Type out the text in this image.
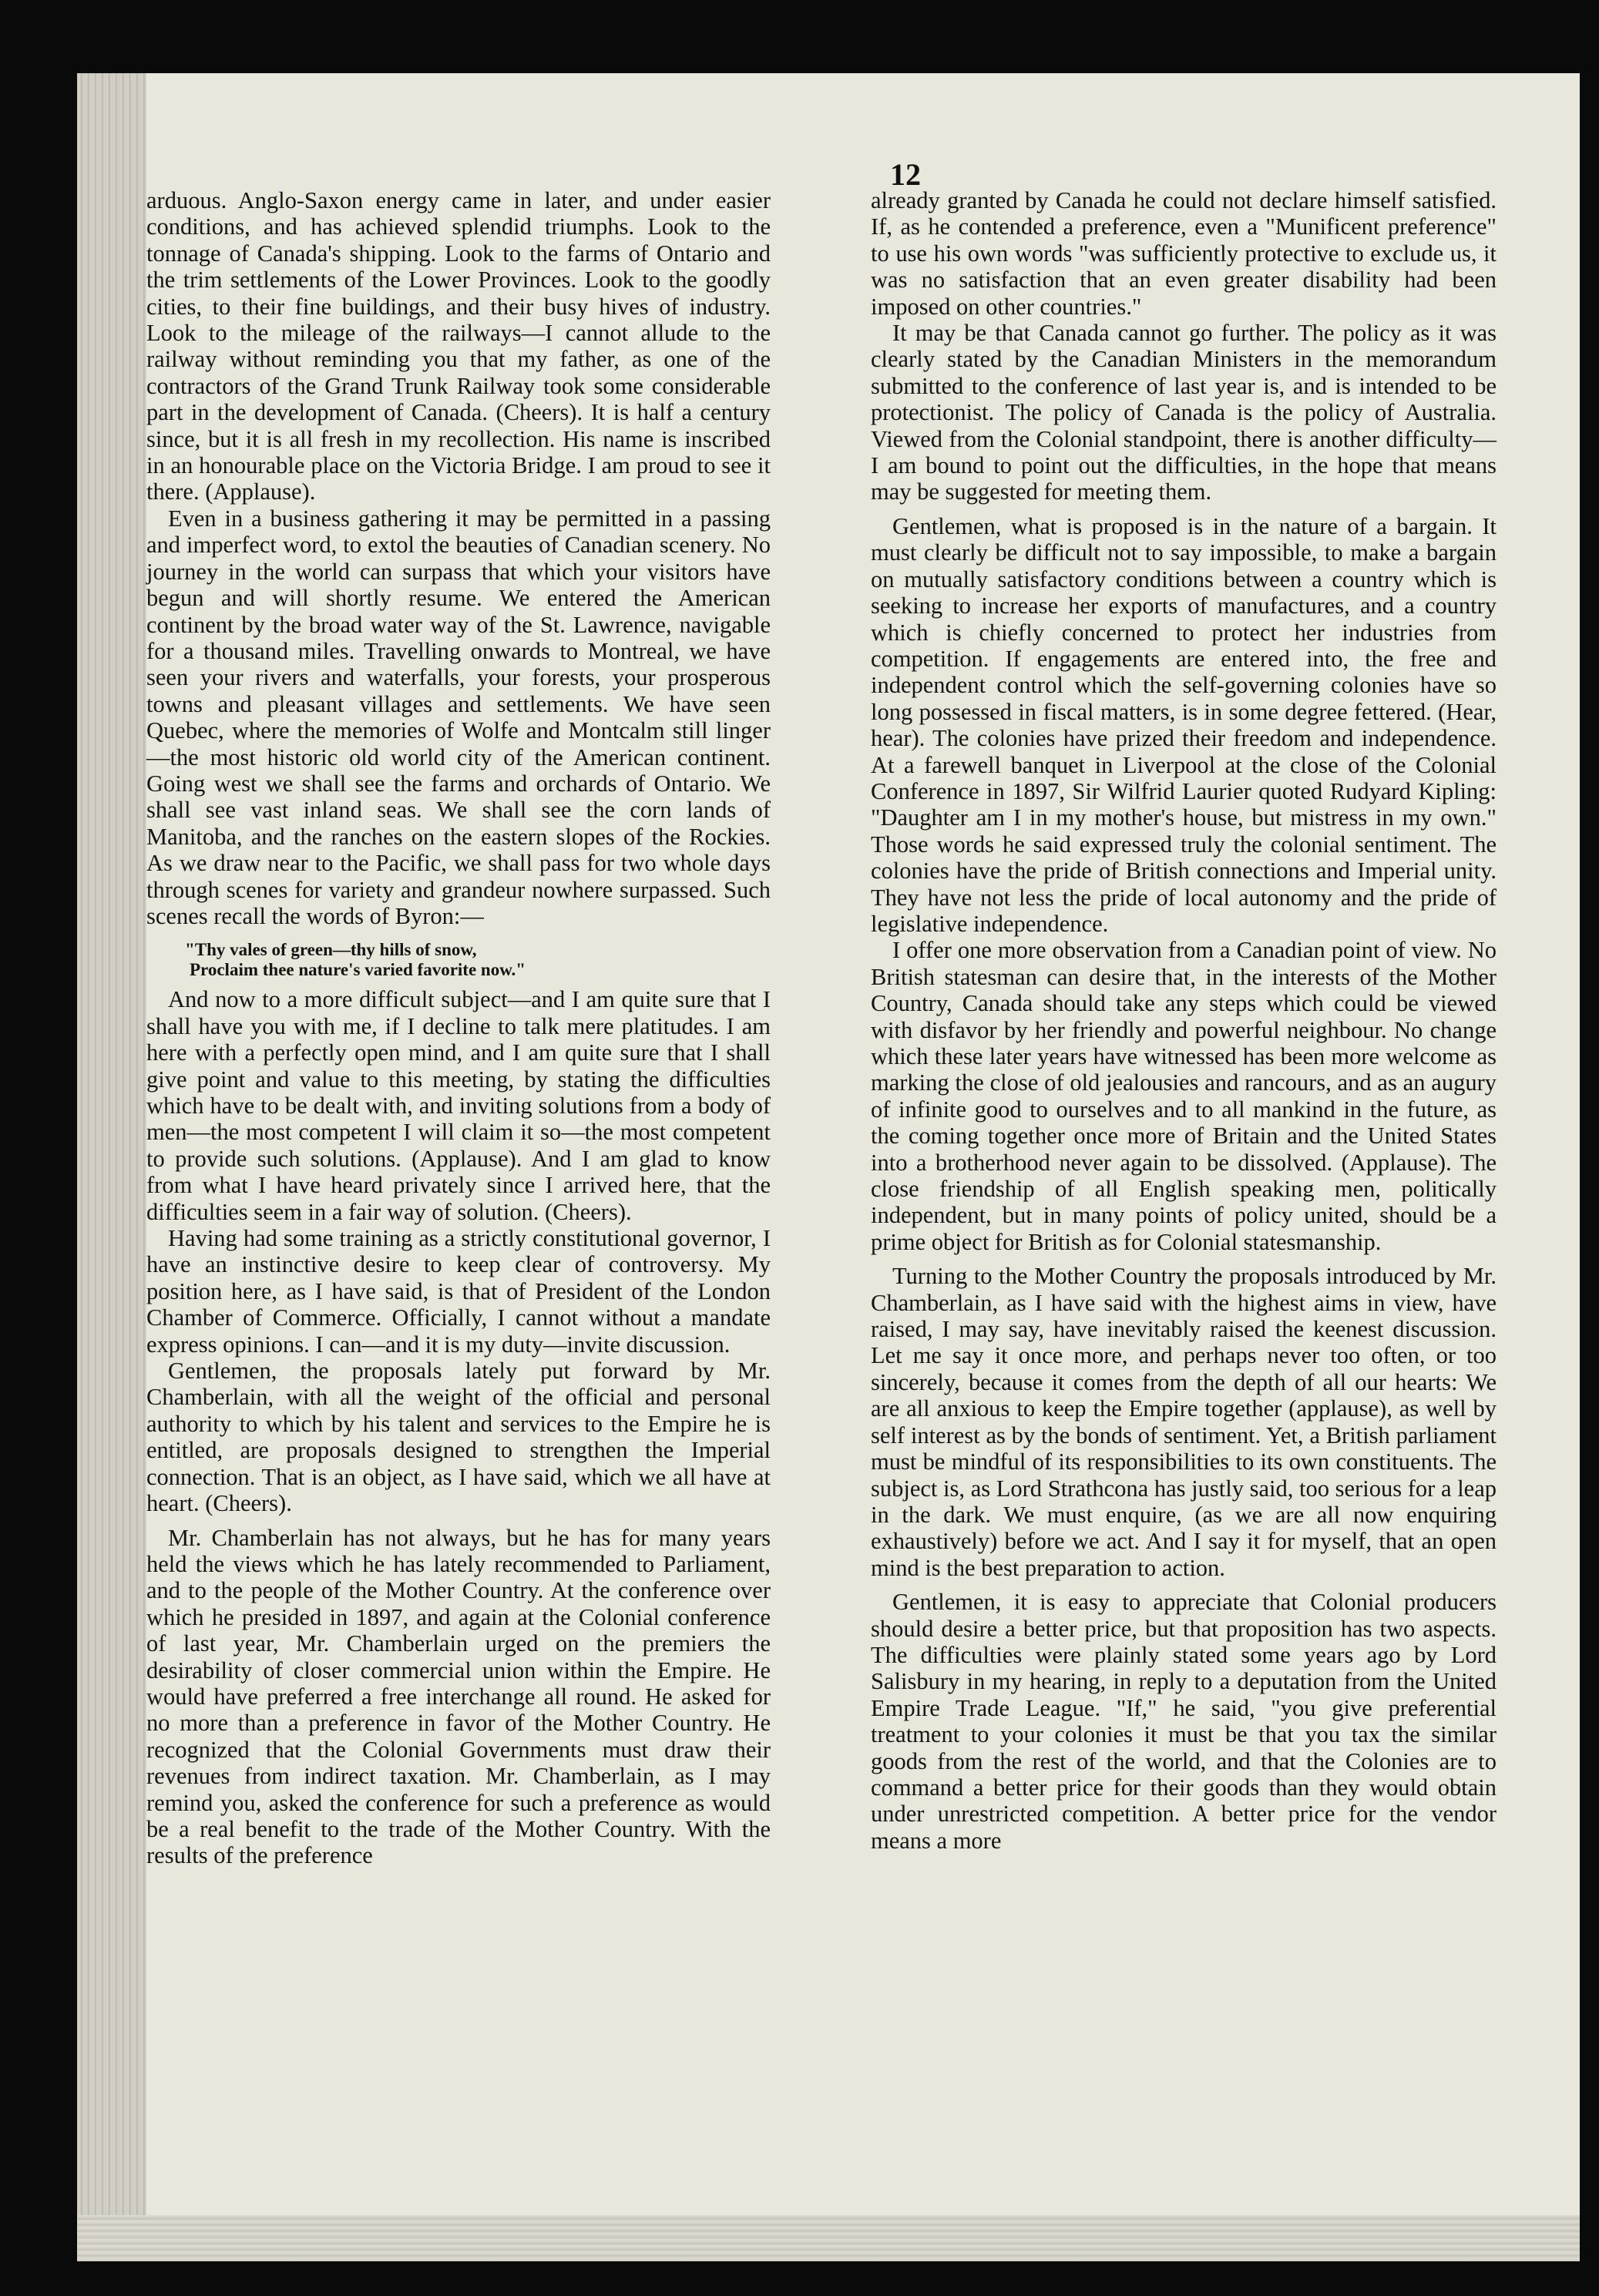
12

arduous. Anglo-Saxon energy came in later, and under easier conditions, and has achieved splendid triumphs. Look to the tonnage of Canada's shipping. Look to the farms of Ontario and the trim settlements of the Lower Provinces. Look to the goodly cities, to their fine buildings, and their busy hives of industry. Look to the mileage of the railways—I cannot allude to the railway without reminding you that my father, as one of the contractors of the Grand Trunk Railway took some considerable part in the development of Canada. (Cheers). It is half a century since, but it is all fresh in my recollection. His name is inscribed in an honourable place on the Victoria Bridge. I am proud to see it there. (Applause).

Even in a business gathering it may be permitted in a passing and imperfect word, to extol the beauties of Canadian scenery. No journey in the world can surpass that which your visitors have begun and will shortly resume. We entered the American continent by the broad water way of the St. Lawrence, navigable for a thousand miles. Travelling onwards to Montreal, we have seen your rivers and waterfalls, your forests, your prosperous towns and pleasant villages and settlements. We have seen Quebec, where the memories of Wolfe and Montcalm still linger—the most historic old world city of the American continent. Going west we shall see the farms and orchards of Ontario. We shall see vast inland seas. We shall see the corn lands of Manitoba, and the ranches on the eastern slopes of the Rockies. As we draw near to the Pacific, we shall pass for two whole days through scenes for variety and grandeur nowhere surpassed. Such scenes recall the words of Byron:—

"Thy vales of green—thy hills of snow,
Proclaim thee nature's varied favorite now."

And now to a more difficult subject—and I am quite sure that I shall have you with me, if I decline to talk mere platitudes. I am here with a perfectly open mind, and I am quite sure that I shall give point and value to this meeting, by stating the difficulties which have to be dealt with, and inviting solutions from a body of men—the most competent I will claim it so—the most competent to provide such solutions. (Applause). And I am glad to know from what I have heard privately since I arrived here, that the difficulties seem in a fair way of solution. (Cheers).

Having had some training as a strictly constitutional governor, I have an instinctive desire to keep clear of controversy. My position here, as I have said, is that of President of the London Chamber of Commerce. Officially, I cannot without a mandate express opinions. I can—and it is my duty—invite discussion.

Gentlemen, the proposals lately put forward by Mr. Chamberlain, with all the weight of the official and personal authority to which by his talent and services to the Empire he is entitled, are proposals designed to strengthen the Imperial connection. That is an object, as I have said, which we all have at heart. (Cheers).

Mr. Chamberlain has not always, but he has for many years held the views which he has lately recommended to Parliament, and to the people of the Mother Country. At the conference over which he presided in 1897, and again at the Colonial conference of last year, Mr. Chamberlain urged on the premiers the desirability of closer commercial union within the Empire. He would have preferred a free interchange all round. He asked for no more than a preference in favor of the Mother Country. He recognized that the Colonial Governments must draw their revenues from indirect taxation. Mr. Chamberlain, as I may remind you, asked the conference for such a preference as would be a real benefit to the trade of the Mother Country. With the results of the preference

already granted by Canada he could not declare himself satisfied. If, as he contended a preference, even a "Munificent preference" to use his own words "was sufficiently protective to exclude us, it was no satisfaction that an even greater disability had been imposed on other countries."

It may be that Canada cannot go further. The policy as it was clearly stated by the Canadian Ministers in the memorandum submitted to the conference of last year is, and is intended to be protectionist. The policy of Canada is the policy of Australia. Viewed from the Colonial standpoint, there is another difficulty—I am bound to point out the difficulties, in the hope that means may be suggested for meeting them.

Gentlemen, what is proposed is in the nature of a bargain. It must clearly be difficult not to say impossible, to make a bargain on mutually satisfactory conditions between a country which is seeking to increase her exports of manufactures, and a country which is chiefly concerned to protect her industries from competition. If engagements are entered into, the free and independent control which the self-governing colonies have so long possessed in fiscal matters, is in some degree fettered. (Hear, hear). The colonies have prized their freedom and independence. At a farewell banquet in Liverpool at the close of the Colonial Conference in 1897, Sir Wilfrid Laurier quoted Rudyard Kipling: "Daughter am I in my mother's house, but mistress in my own." Those words he said expressed truly the colonial sentiment. The colonies have the pride of British connections and Imperial unity. They have not less the pride of local autonomy and the pride of legislative independence.

I offer one more observation from a Canadian point of view. No British statesman can desire that, in the interests of the Mother Country, Canada should take any steps which could be viewed with disfavor by her friendly and powerful neighbour. No change which these later years have witnessed has been more welcome as marking the close of old jealousies and rancours, and as an augury of infinite good to ourselves and to all mankind in the future, as the coming together once more of Britain and the United States into a brotherhood never again to be dissolved. (Applause). The close friendship of all English speaking men, politically independent, but in many points of policy united, should be a prime object for British as for Colonial statesmanship.

Turning to the Mother Country the proposals introduced by Mr. Chamberlain, as I have said with the highest aims in view, have raised, I may say, have inevitably raised the keenest discussion. Let me say it once more, and perhaps never too often, or too sincerely, because it comes from the depth of all our hearts: We are all anxious to keep the Empire together (applause), as well by self interest as by the bonds of sentiment. Yet, a British parliament must be mindful of its responsibilities to its own constituents. The subject is, as Lord Strathcona has justly said, too serious for a leap in the dark. We must enquire, (as we are all now enquiring exhaustively) before we act. And I say it for myself, that an open mind is the best preparation to action.

Gentlemen, it is easy to appreciate that Colonial producers should desire a better price, but that proposition has two aspects. The difficulties were plainly stated some years ago by Lord Salisbury in my hearing, in reply to a deputation from the United Empire Trade League. "If," he said, "you give preferential treatment to your colonies it must be that you tax the similar goods from the rest of the world, and that the Colonies are to command a better price for their goods than they would obtain under unrestricted competition. A better price for the vendor means a more
